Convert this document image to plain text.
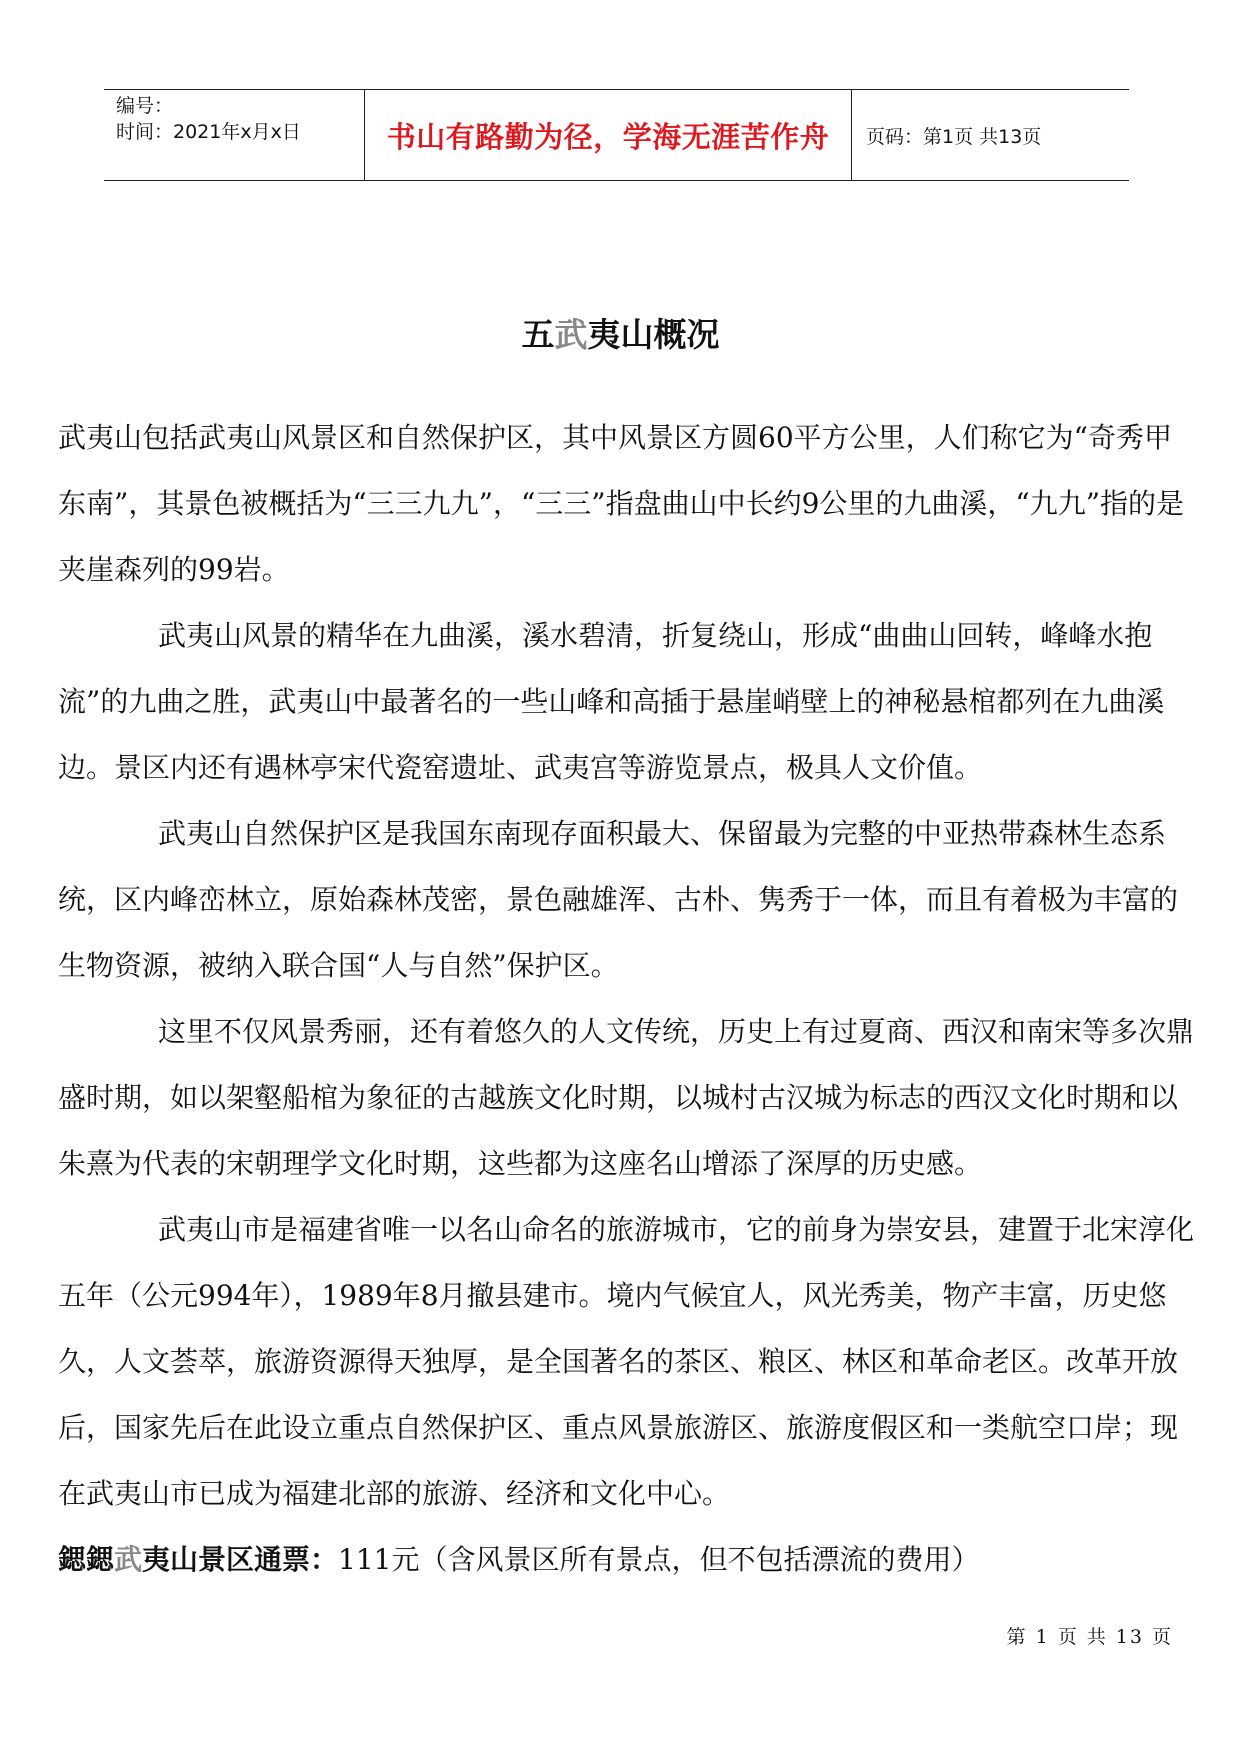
编号：
时间：2021年x月x日	书山有路勤为径，学海无涯苦作舟 页码：第1页 共13页
五武夷山概况

武夷山包括武夷山风景区和自然保护区，其中风景区方圆60平方公里，人们称它为“奇秀甲东南”，其景色被概括为“三三九九”，“三三”指盘曲山中长约9公里的九曲溪，“九九”指的是夹崖森列的99岩。

武夷山风景的精华在九曲溪，溪水碧清，折复绕山，形成“曲曲山回转，峰峰水抱流”的九曲之胜，武夷山中最著名的一些山峰和高插于悬崖峭壁上的神秘悬棺都列在九曲溪边。景区内还有遇林亭宋代瓷窑遗址、武夷宫等游览景点，极具人文价值。

武夷山自然保护区是我国东南现存面积最大、保留最为完整的中亚热带森林生态系统，区内峰峦林立，原始森林茂密，景色融雄浑、古朴、隽秀于一体，而且有着极为丰富的生物资源，被纳入联合国“人与自然”保护区。

这里不仅风景秀丽，还有着悠久的人文传统，历史上有过夏商、西汉和南宋等多次鼎盛时期，如以架壑船棺为象征的古越族文化时期，以城村古汉城为标志的西汉文化时期和以朱熹为代表的宋朝理学文化时期，这些都为这座名山增添了深厚的历史感。

武夷山市是福建省唯一以名山命名的旅游城市，它的前身为崇安县，建置于北宋淳化五年（公元994年），1989年8月撤县建市。境内气候宜人，风光秀美，物产丰富，历史悠久，人文荟萃，旅游资源得天独厚，是全国著名的茶区、粮区、林区和革命老区。改革开放后，国家先后在此设立重点自然保护区、重点风景旅游区、旅游度假区和一类航空口岸；现在武夷山市已成为福建北部的旅游、经济和文化中心。

鍶鍶武夷山景区通票：111元（含风景区所有景点，但不包括漂流的费用）

第 1 页 共 13 页
